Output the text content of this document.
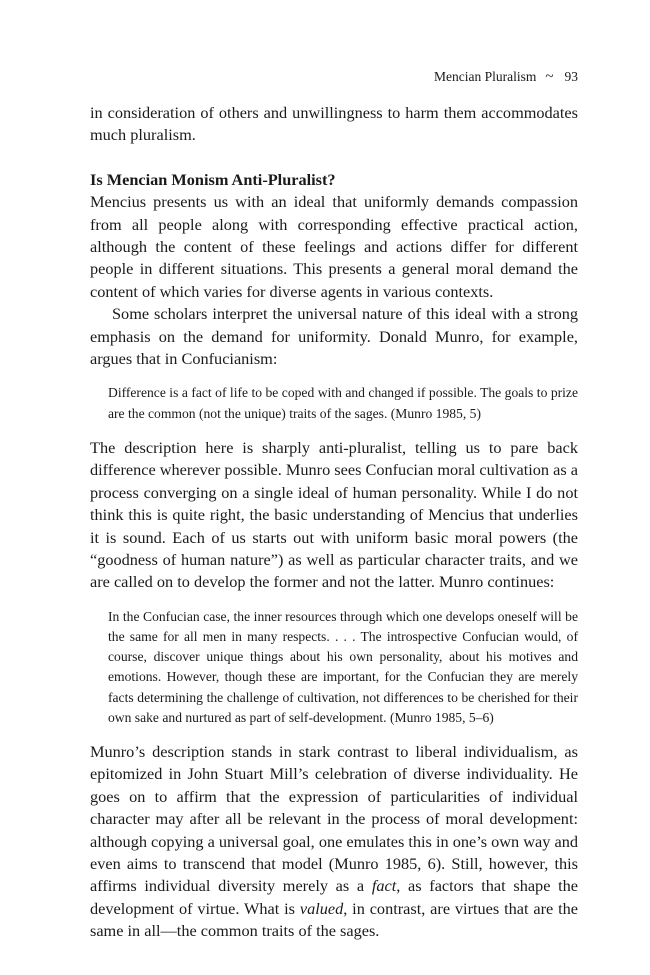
Mencian Pluralism ~ 93

in consideration of others and unwillingness to harm them accommodates much pluralism.

Is Mencian Monism Anti-Pluralist?

Mencius presents us with an ideal that uniformly demands compassion from all people along with corresponding effective practical action, although the content of these feelings and actions differ for different people in different situations. This presents a general moral demand the content of which varies for diverse agents in various contexts.

Some scholars interpret the universal nature of this ideal with a strong emphasis on the demand for uniformity. Donald Munro, for example, argues that in Confucianism:

Difference is a fact of life to be coped with and changed if possible. The goals to prize are the common (not the unique) traits of the sages. (Munro 1985, 5)

The description here is sharply anti-pluralist, telling us to pare back difference wherever possible. Munro sees Confucian moral cultivation as a process converging on a single ideal of human personality. While I do not think this is quite right, the basic understanding of Mencius that underlies it is sound. Each of us starts out with uniform basic moral powers (the “goodness of human nature”) as well as particular character traits, and we are called on to develop the former and not the latter. Munro continues:

In the Confucian case, the inner resources through which one develops oneself will be the same for all men in many respects. . . . The introspective Confucian would, of course, discover unique things about his own personality, about his motives and emotions. However, though these are important, for the Confucian they are merely facts determining the challenge of cultivation, not differences to be cherished for their own sake and nurtured as part of self-development. (Munro 1985, 5–6)

Munro’s description stands in stark contrast to liberal individualism, as epitomized in John Stuart Mill’s celebration of diverse individuality. He goes on to affirm that the expression of particularities of individual character may after all be relevant in the process of moral development: although copying a universal goal, one emulates this in one’s own way and even aims to transcend that model (Munro 1985, 6). Still, however, this affirms individual diversity merely as a fact, as factors that shape the development of virtue. What is valued, in contrast, are virtues that are the same in all—the common traits of the sages.
